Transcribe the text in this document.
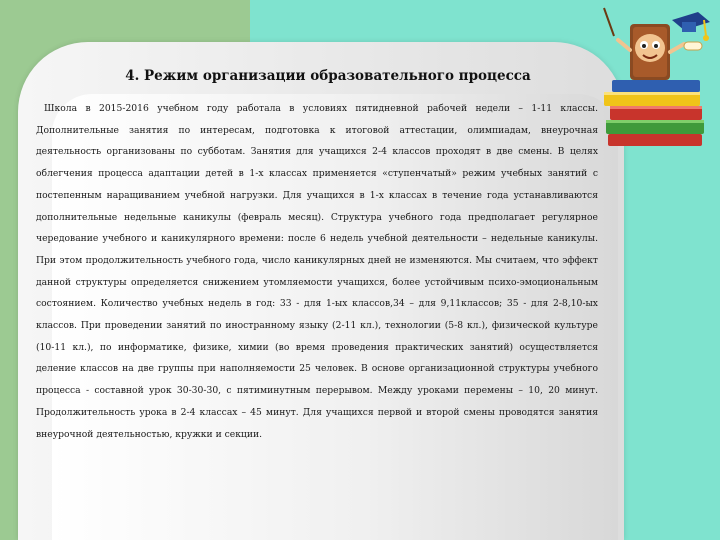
4. Режим организации образовательного процесса
Школа в 2015-2016 учебном году работала в условиях пятидневной рабочей недели – 1-11 классы. Дополнительные занятия по интересам, подготовка к итоговой аттестации, олимпиадам, внеурочная деятельность организованы по субботам. Занятия для учащихся 2-4 классов проходят в две смены. В целях облегчения процесса адаптации детей в 1-х классах применяется «ступенчатый» режим учебных занятий с постепенным наращиванием учебной нагрузки. Для учащихся в 1-х классах в течение года устанавливаются дополнительные недельные каникулы (февраль месяц). Структура учебного года предполагает регулярное чередование учебного и каникулярного времени: после 6 недель учебной деятельности – недельные каникулы. При этом продолжительность учебного года, число каникулярных дней не изменяются. Мы считаем, что эффект данной структуры определяется снижением утомляемости учащихся, более устойчивым психо-эмоциональным состоянием. Количество учебных недель в год: 33 - для 1-ых классов,34 – для 9,11классов; 35 - для 2-8,10-ых классов. При проведении занятий по иностранному языку (2-11 кл.), технологии (5-8 кл.), физической культуре (10-11 кл.), по информатике, физике, химии (во время проведения практических занятий) осуществляется деление классов на две группы при наполняемости 25 человек. В основе организационной структуры учебного процесса - составной урок 30-30-30, с пятиминутным перерывом. Между уроками перемены – 10, 20 минут. Продолжительность урока в 2-4 классах – 45 минут. Для учащихся первой и второй смены проводятся занятия внеурочной деятельностью, кружки и секции.
